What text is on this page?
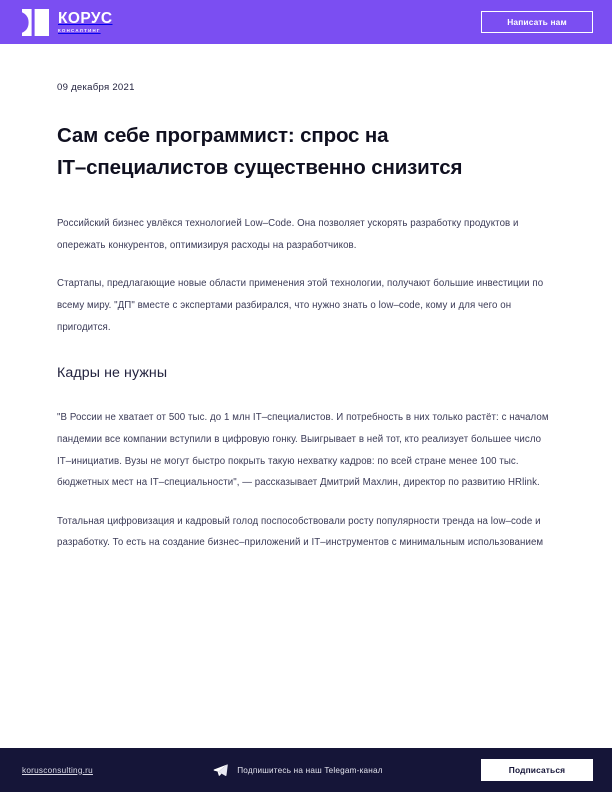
КОРУС
КОНСАЛТИНГ
Написать нам
09 декабря 2021
Сам себе программист: спрос на
IT–специалистов существенно снизится

Российский бизнес увлёкся технологией Low–Code. Она позволяет ускорять разработку продуктов и опережать конкурентов, оптимизируя расходы на разработчиков.

Стартапы, предлагающие новые области применения этой технологии, получают большие инвестиции по всему миру. "ДП" вместе с экспертами разбирался, что нужно знать о low–code, кому и для чего он пригодится.

Кадры не нужны

"В России не хватает от 500 тыс. до 1 млн IT–специалистов. И потребность в них только растёт: с началом пандемии все компании вступили в цифровую гонку. Выигрывает в ней тот, кто реализует большее число IT–инициатив. Вузы не могут быстро покрыть такую нехватку кадров: по всей стране менее 100 тыс. бюджетных мест на IT–специальности", — рассказывает Дмитрий Махлин, директор по развитию HRlink.

Тотальная цифровизация и кадровый голод поспособствовали росту популярности тренда на low–code и разработку. То есть на создание бизнес–приложений и IT–инструментов с минимальным использованием

korusconsulting.ru	Подпишитесь на наш Telegam-канал	Подписаться
